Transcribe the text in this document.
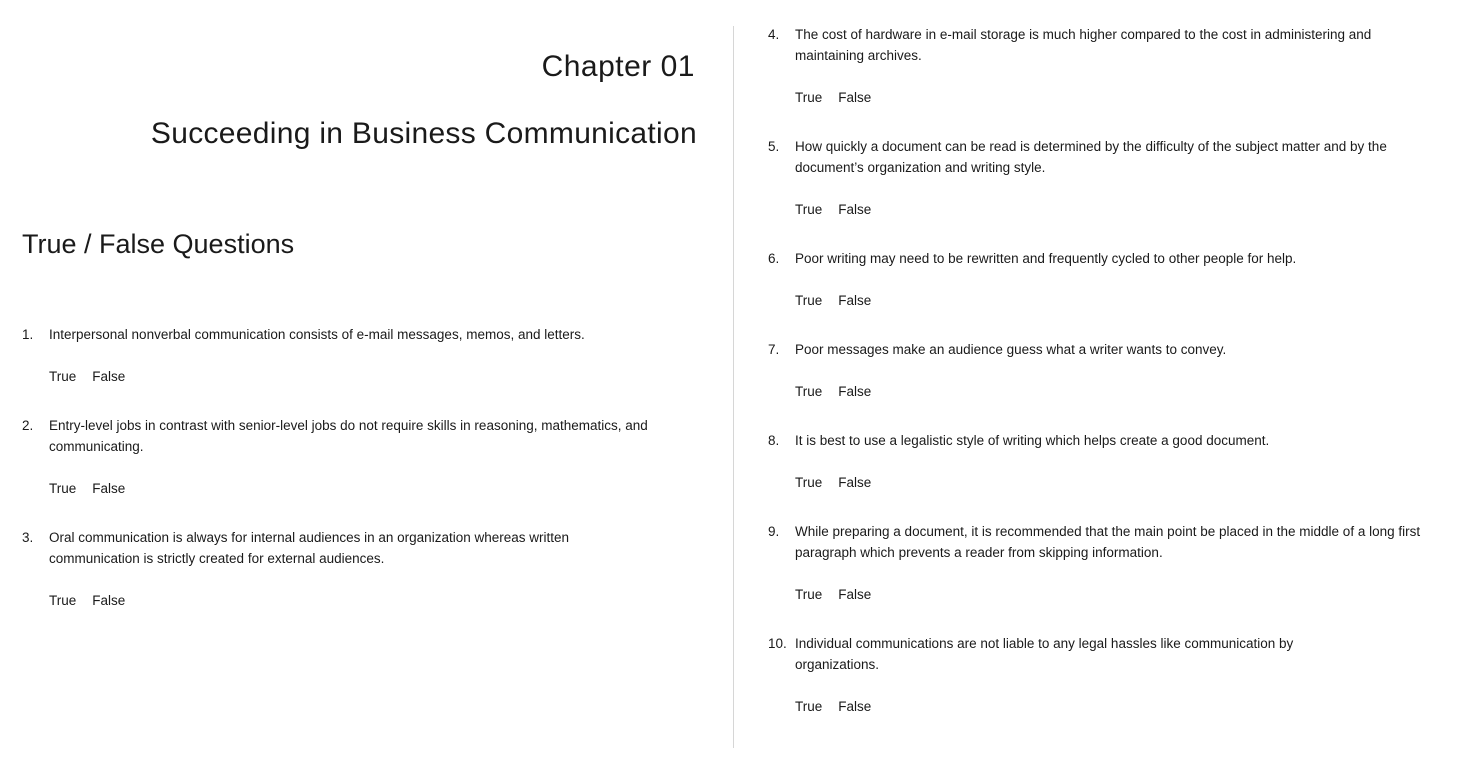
Chapter 01
Succeeding in Business Communication
True / False Questions
1. Interpersonal nonverbal communication consists of e-mail messages, memos, and letters.
True False
2. Entry-level jobs in contrast with senior-level jobs do not require skills in reasoning, mathematics, and communicating.
True False
3. Oral communication is always for internal audiences in an organization whereas written communication is strictly created for external audiences.
True False
4. The cost of hardware in e-mail storage is much higher compared to the cost in administering and maintaining archives.
True False
5. How quickly a document can be read is determined by the difficulty of the subject matter and by the document’s organization and writing style.
True False
6. Poor writing may need to be rewritten and frequently cycled to other people for help.
True False
7. Poor messages make an audience guess what a writer wants to convey.
True False
8. It is best to use a legalistic style of writing which helps create a good document.
True False
9. While preparing a document, it is recommended that the main point be placed in the middle of a long first paragraph which prevents a reader from skipping information.
True False
10. Individual communications are not liable to any legal hassles like communication by organizations.
True False
